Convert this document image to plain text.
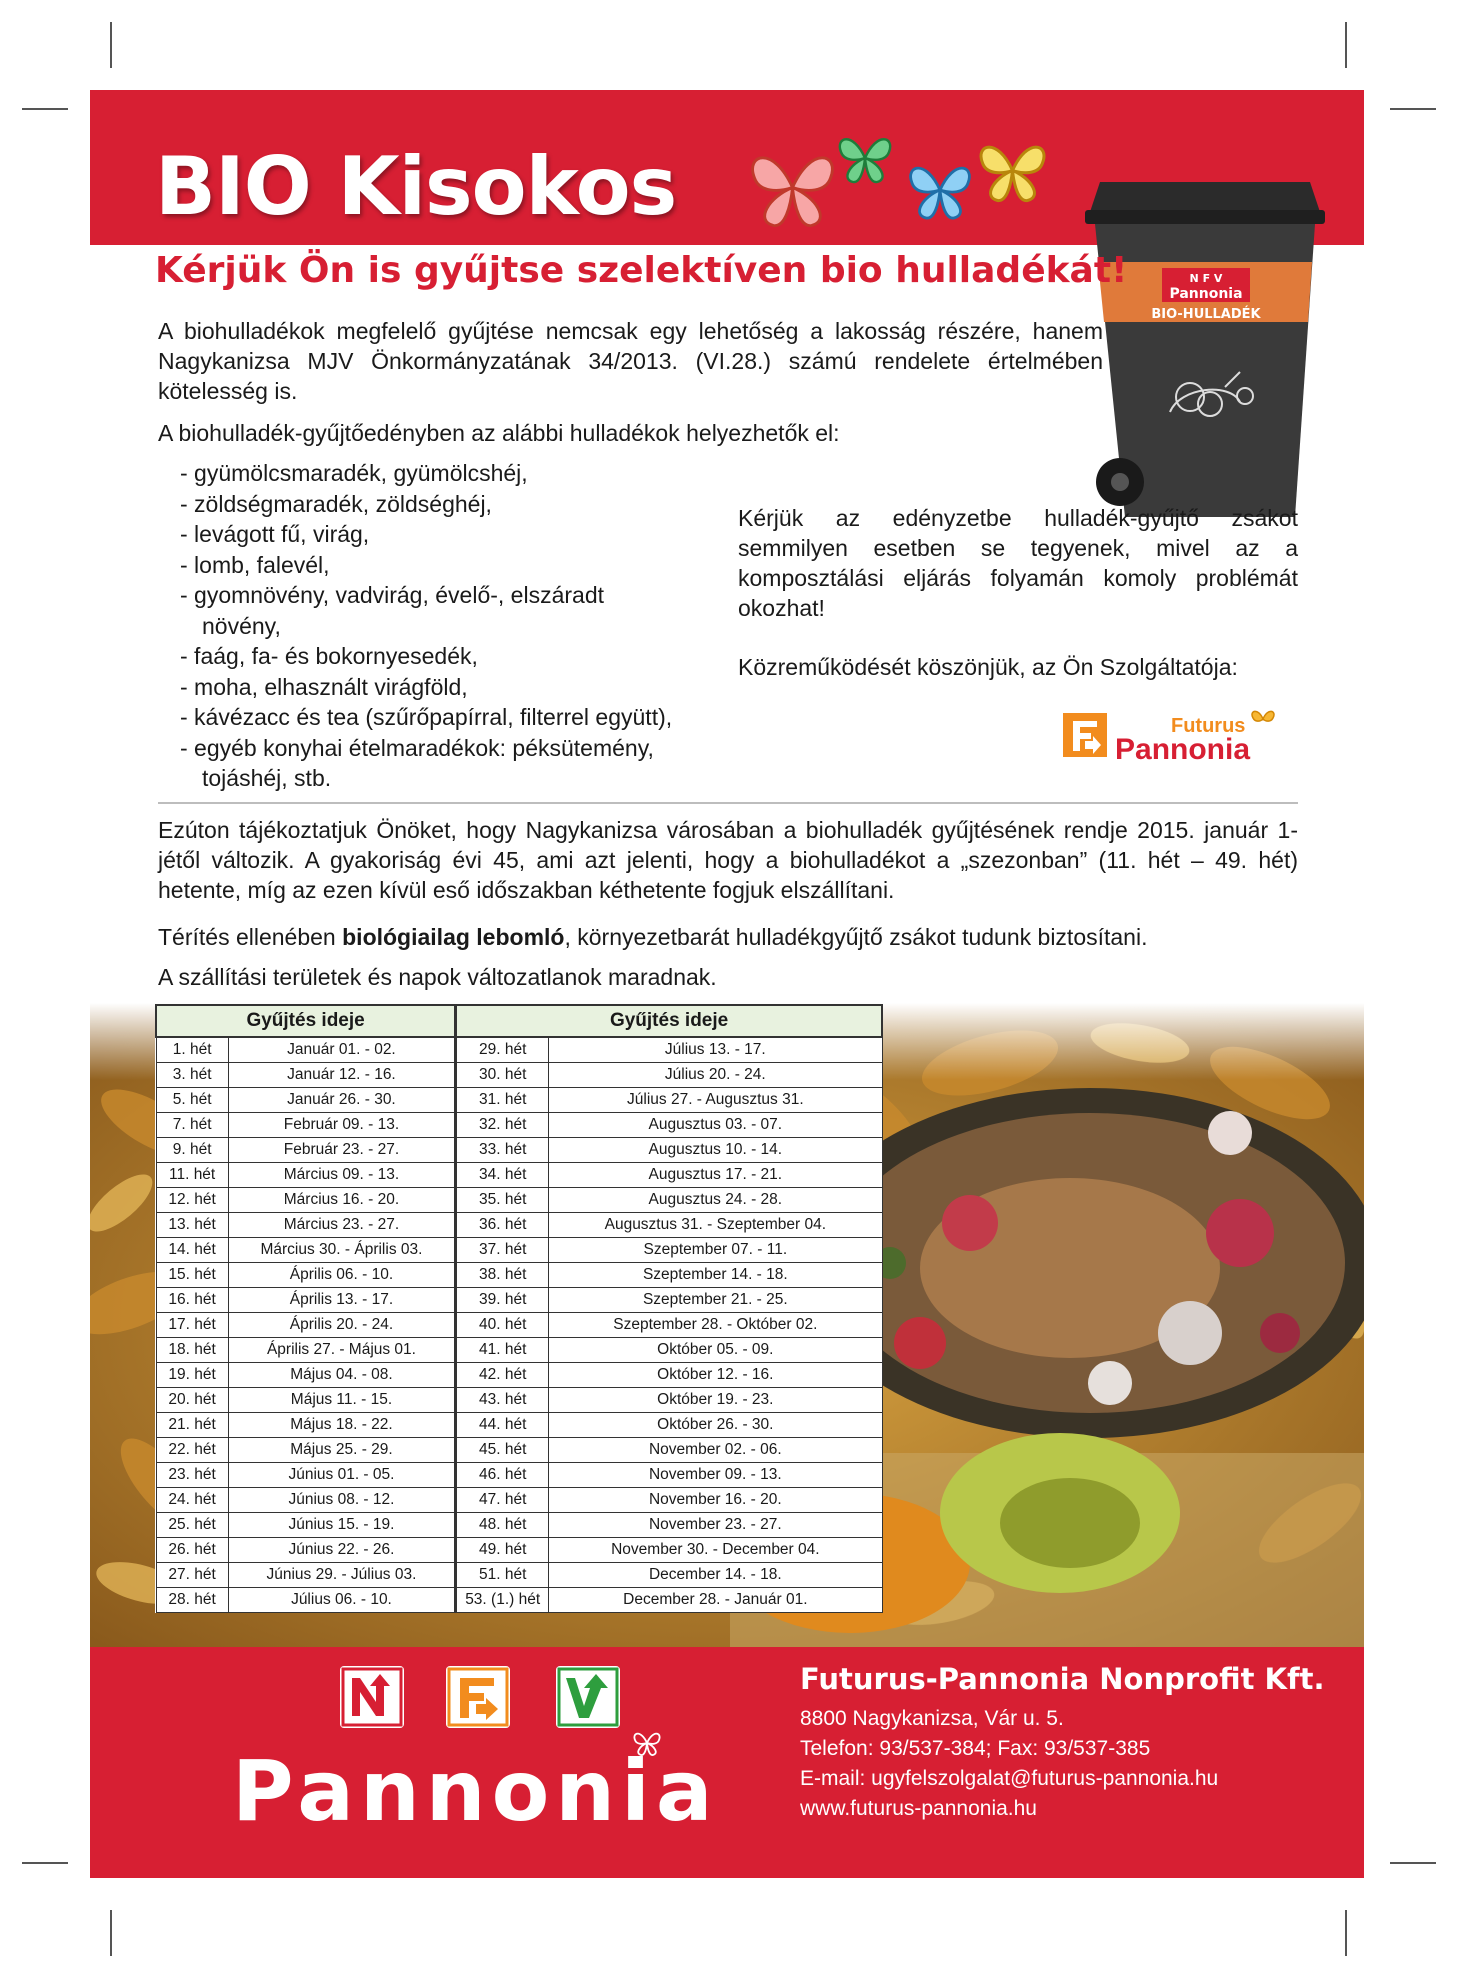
BIO Kisokos
N F V
Pannonia
BIO-HULLADÉK
Kérjük Ön is gyűjtse szelektíven bio hulladékát!

A biohulladékok megfelelő gyűjtése nemcsak egy lehetőség a lakosság részére, hanem Nagykanizsa MJV Önkormányzatának 34/2013. (VI.28.) számú rendelete értelmében kötelesség is.

A biohulladék-gyűjtőedényben az alábbi hulladékok helyezhetők el:

- gyümölcsmaradék, gyümölcshéj,
- zöldségmaradék, zöldséghéj,
- levágott fű, virág,
- lomb, falevél,
- gyomnövény, vadvirág, évelő-, elszáradt növény,
- faág, fa- és bokornyesedék,
- moha, elhasznált virágföld,
- kávézacc és tea (szűrőpapírral, filterrel együtt),
- egyéb konyhai ételmaradékok: péksütemény, tojáshéj, stb.

Kérjük az edényzetbe hulladék-gyűjtő zsákot semmilyen esetben se tegyenek, mivel az a komposztálási eljárás folyamán komoly problémát okozhat!

Közreműködését köszönjük, az Ön Szolgáltatója:

Futurus
Pannonia

Ezúton tájékoztatjuk Önöket, hogy Nagykanizsa városában a biohulladék gyűjtésének rendje 2015. január 1-jétől változik. A gyakoriság évi 45, ami azt jelenti, hogy a biohulladékot a „szezonban” (11. hét – 49. hét) hetente, míg az ezen kívül eső időszakban kéthetente fogjuk elszállítani.

Térítés ellenében biológiailag lebomló, környezetbarát hulladékgyűjtő zsákot tudunk biztosítani.

A szállítási területek és napok változatlanok maradnak.

Gyűjtés ideje		Gyűjtés ideje	
1. hét	Január 01. - 02.	29. hét	Július 13. - 17.
3. hét	Január 12. - 16.	30. hét	Július 20. - 24.
5. hét	Január 26. - 30.	31. hét	Július 27. - Augusztus 31.
7. hét	Február 09. - 13.	32. hét	Augusztus 03. - 07.
9. hét	Február 23. - 27.	33. hét	Augusztus 10. - 14.
11. hét	Március 09. - 13.	34. hét	Augusztus 17. - 21.
12. hét	Március 16. - 20.	35. hét	Augusztus 24. - 28.
13. hét	Március 23. - 27.	36. hét	Augusztus 31. - Szeptember 04.
14. hét	Március 30. - Április 03.	37. hét	Szeptember 07. - 11.
15. hét	Április 06. - 10.	38. hét	Szeptember 14. - 18.
16. hét	Április 13. - 17.	39. hét	Szeptember 21. - 25.
17. hét	Április 20. - 24.	40. hét	Szeptember 28. - Október 02.
18. hét	Április 27. - Május 01.	41. hét	Október 05. - 09.
19. hét	Május 04. - 08.	42. hét	Október 12. - 16.
20. hét	Május 11. - 15.	43. hét	Október 19. - 23.
21. hét	Május 18. - 22.	44. hét	Október 26. - 30.
22. hét	Május 25. - 29.	45. hét	November 02. - 06.
23. hét	Június 01. - 05.	46. hét	November 09. - 13.
24. hét	Június 08. - 12.	47. hét	November 16. - 20.
25. hét	Június 15. - 19.	48. hét	November 23. - 27.
26. hét	Június 22. - 26.	49. hét	November 30. - December 04.
27. hét	Június 29. - Július 03.	51. hét	December 14. - 18.
28. hét	Július 06. - 10.	53. (1.) hét	December 28. - Január 01.

Pannonia

Futurus-Pannonia Nonprofit Kft.

8800 Nagykanizsa, Vár u. 5.

Telefon: 93/537-384; Fax: 93/537-385

E-mail: ugyfelszolgalat@futurus-pannonia.hu

www.futurus-pannonia.hu
